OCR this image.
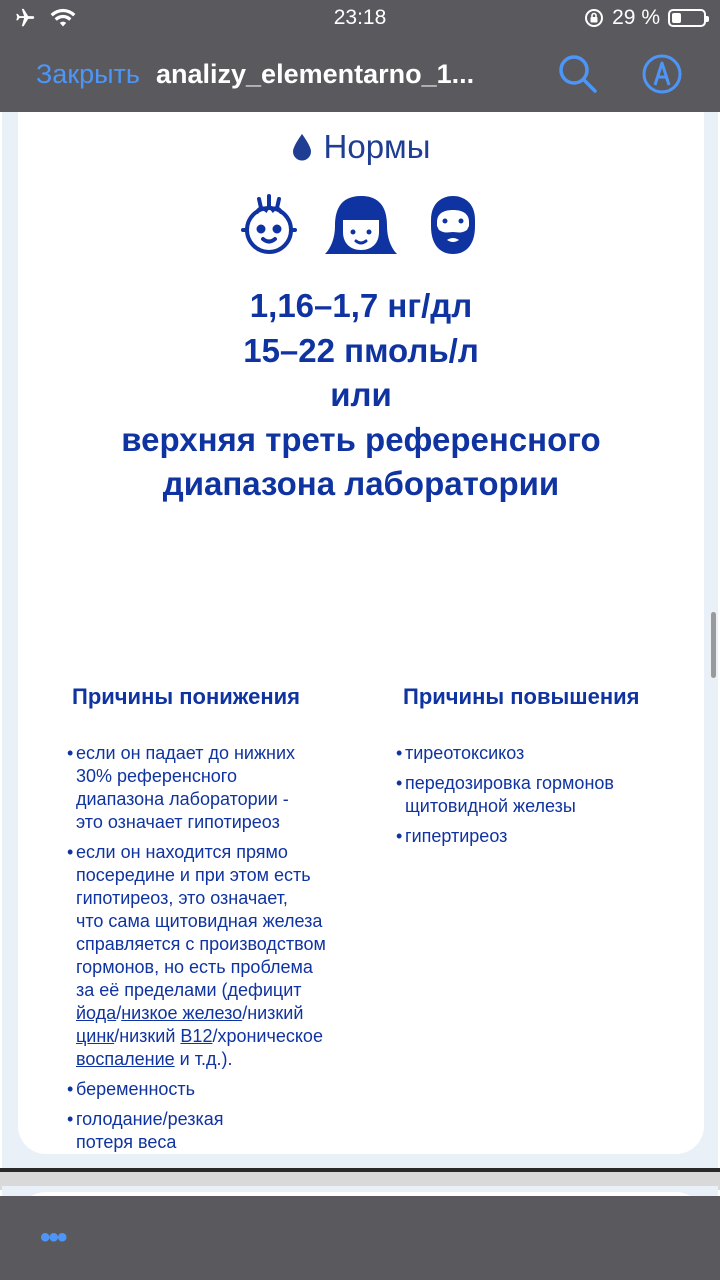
23:18	29 %
Закрыть analizy_elementarno_1...
Нормы
1,16–1,7 нг/дл
15–22 пмоль/л
или
верхняя треть референсного
диапазона лаборатории
Причины понижения
• если он падает до нижних
30% референсного
диапазона лаборатории -
это означает гипотиреоз
• если он находится прямо
посередине и при этом есть
гипотиреоз, это означает,
что сама щитовидная железа
справляется с производством
гормонов, но есть проблема
за её пределами (дефицит
йода/низкое железо/низкий
цинк/низкий B12/хроническое
воспаление и т.д.).
• беременность
• голодание/резкая
потеря веса
Причины повышения
• тиреотоксикоз
• передозировка гормонов
щитовидной железы
• гипертиреоз
•••
